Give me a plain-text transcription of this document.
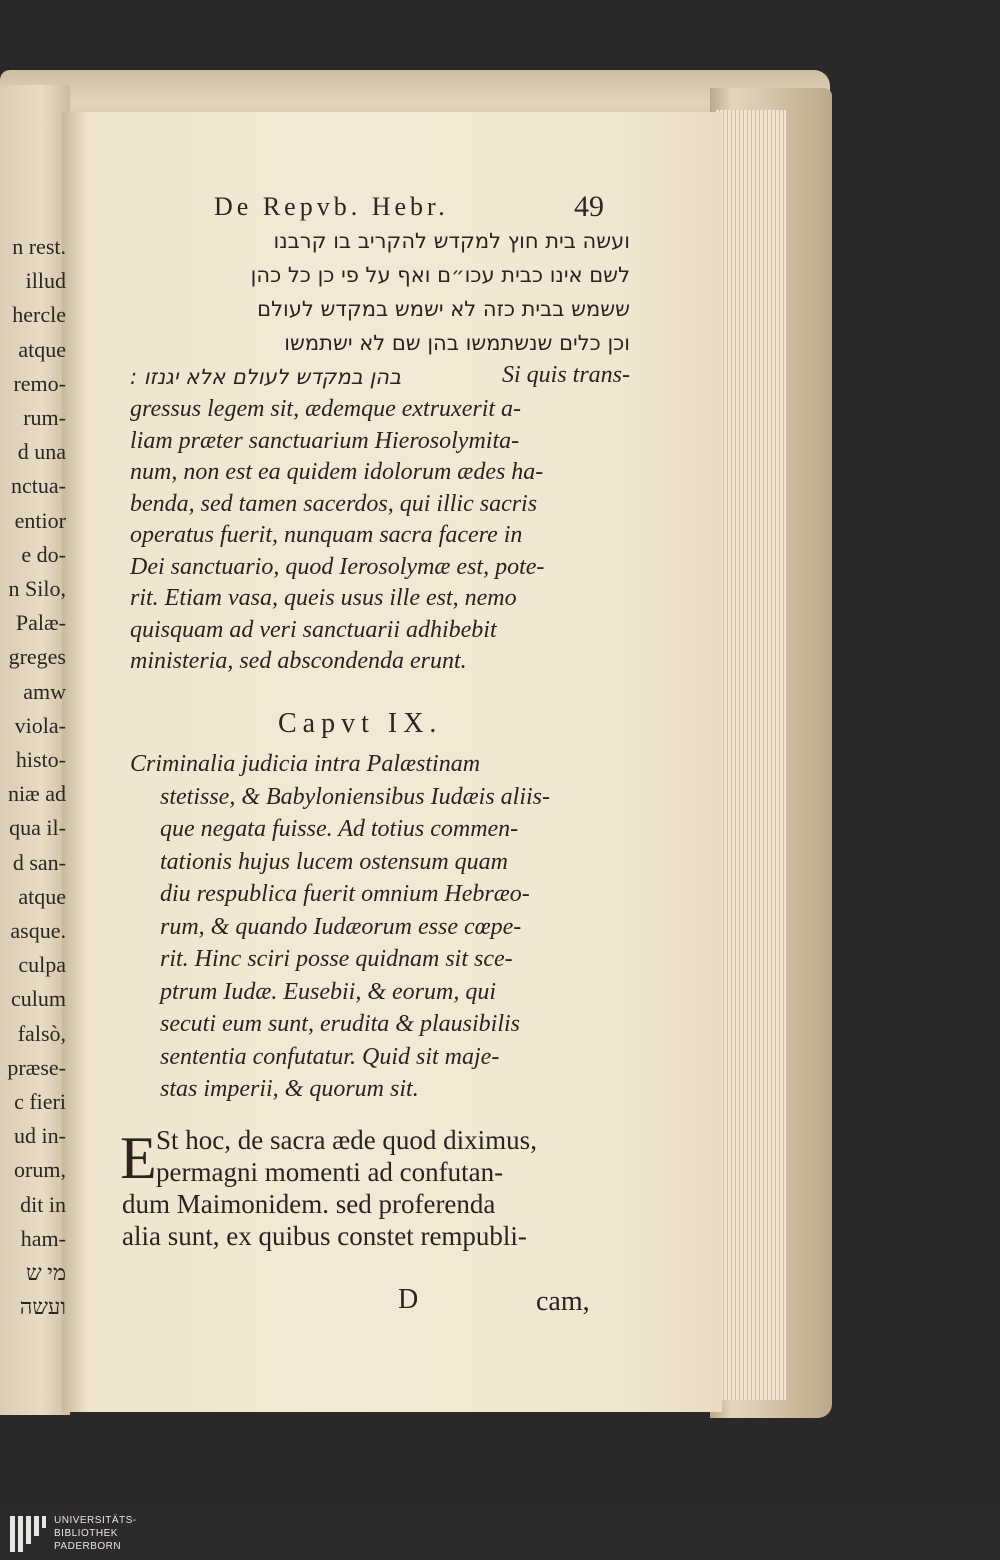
n rest.
illud
hercle
atque
remo-
rum-
d una
nctua-
entior
e do-
n Silo,
Palæ-
greges
amw
viola-
histo-
niæ ad
qua il-
d san-
atque
asque.
culpa
culum
falsò,
præse-
c fieri
ud in-
orum,
dit in
ham-
מי ש
ועשה
De Repvb. Hebr.	49
ועשה בית חוץ למקדש להקריב בו קרבנו
לשם אינו כבית עכו״ם ואף על פי כן כל כהן
ששמש בבית כזה לא ישמש במקדש לעולם
וכן כלים שנשתמשו בהן שם לא ישתמשו
בהן במקדש לעולם אלא יגנזו :	Si quis trans-
gressus legem sit, ædemque extruxerit a-
liam præter sanctuarium Hierosolymita-
num, non est ea quidem idolorum ædes ha-
benda, sed tamen sacerdos, qui illic sacris
operatus fuerit, nunquam sacra facere in
Dei sanctuario, quod Ierosolymæ est, pote-
rit. Etiam vasa, queis usus ille est, nemo
quisquam ad veri sanctuarii adhibebit
ministeria, sed abscondenda erunt.
Capvt IX.
Criminalia judicia intra Palæstinam
stetisse, & Babyloniensibus Iudæis aliis-
que negata fuisse. Ad totius commen-
tationis hujus lucem ostensum quam
diu respublica fuerit omnium Hebræo-
rum, & quando Iudæorum esse cœpe-
rit. Hinc sciri posse quidnam sit sce-
ptrum Iudæ. Eusebii, & eorum, qui
secuti eum sunt, erudita & plausibilis
sententia confutatur. Quid sit maje-
stas imperii, & quorum sit.
E St hoc, de sacra æde quod diximus,
permagni momenti ad confutan-
dum Maimonidem. sed proferenda
alia sunt, ex quibus constet rempubli-
D	cam,
UNIVERSITÄTS-
BIBLIOTHEK
PADERBORN
